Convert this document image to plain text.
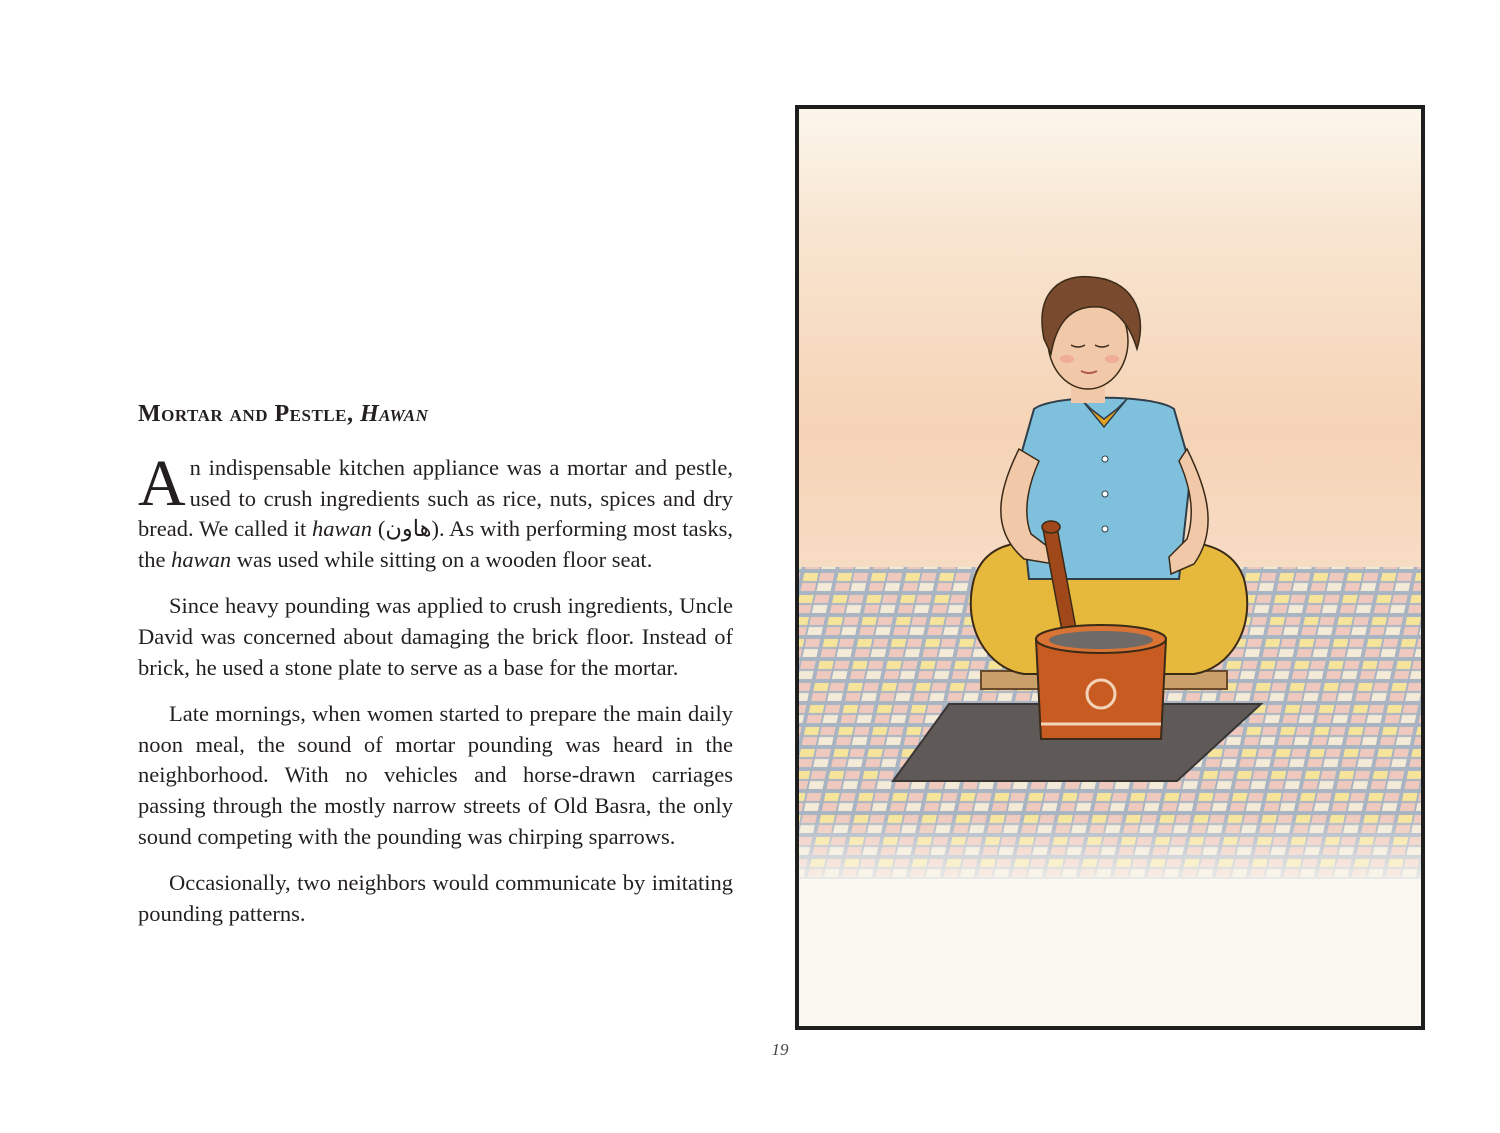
Mortar and Pestle, Hawan

An indispensable kitchen appliance was a mortar and pestle, used to crush ingredients such as rice, nuts, spices and dry bread. We called it hawan (هاون). As with performing most tasks, the hawan was used while sitting on a wooden floor seat.

Since heavy pounding was applied to crush ingredients, Uncle David was concerned about damaging the brick floor. Instead of brick, he used a stone plate to serve as a base for the mortar.

Late mornings, when women started to prepare the main daily noon meal, the sound of mortar pounding was heard in the neighborhood. With no vehicles and horse-drawn carriages passing through the mostly narrow streets of Old Basra, the only sound competing with the pounding was chirping sparrows.

Occasionally, two neighbors would communicate by imitating pounding patterns.

19
